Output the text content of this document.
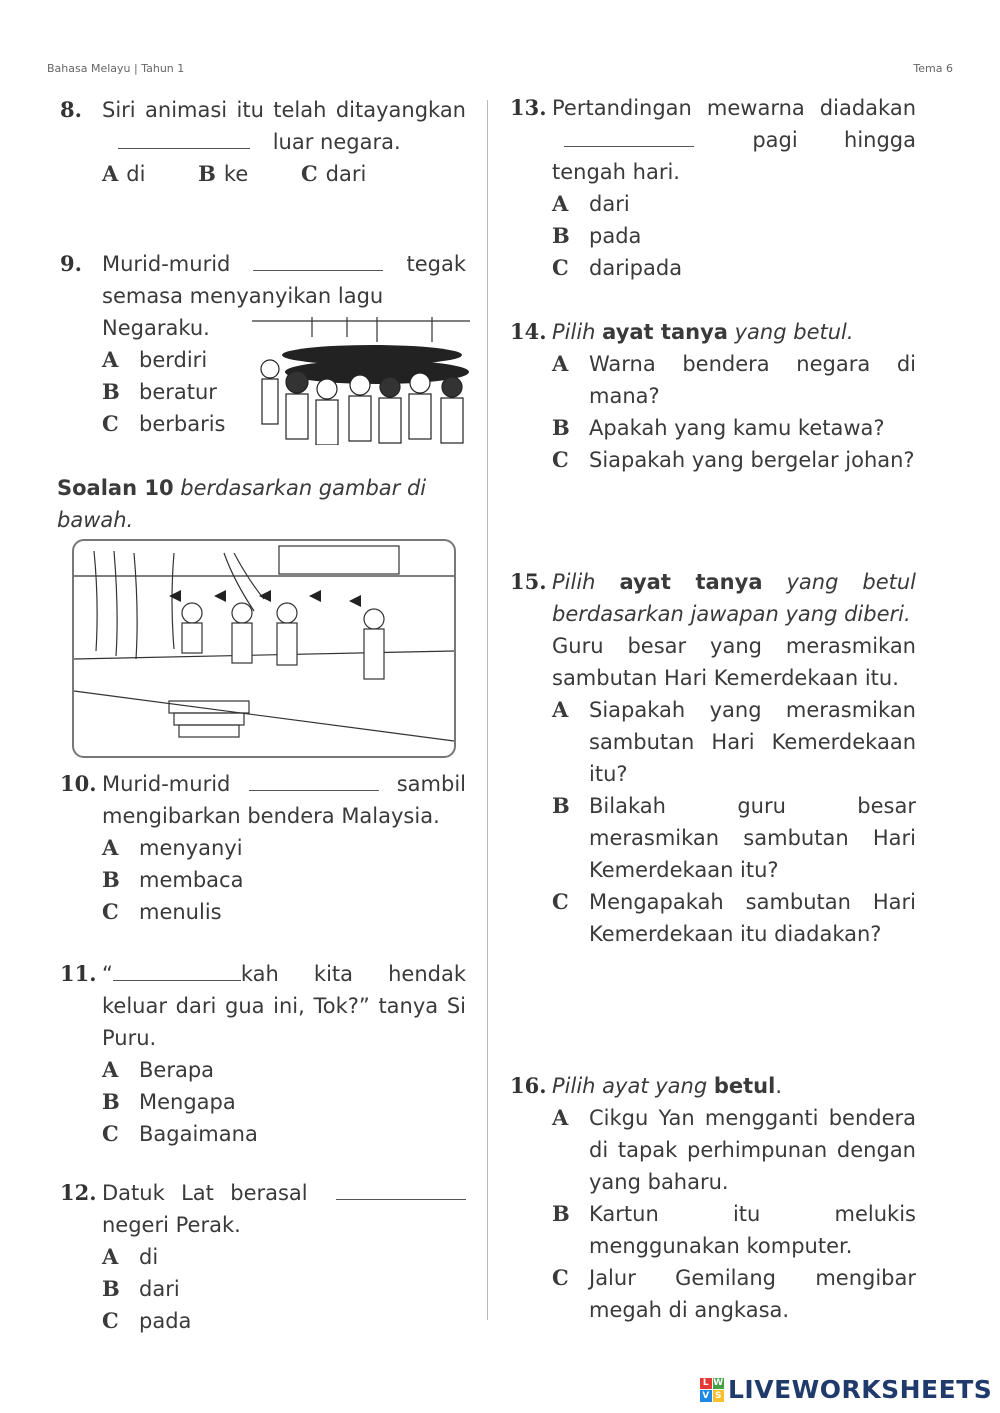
Bahasa Melayu | Tahun 1	Tema 6
8. Siri animasi itu telah ditayangkan  luar negara.
A di	B ke	C dari
9. Murid-murid	tegak semasa menyanyikan lagu
Negaraku.
A berdiri
B beratur
C berbaris
Soalan 10 berdasarkan gambar di bawah.
10. Murid-murid	sambil mengibarkan bendera Malaysia.
A menyanyi
B membaca
C menulis
11. “	kah kita hendak keluar dari gua ini, Tok?” tanya Si Puru.
A Berapa
B Mengapa
C Bagaimana
12. Datuk Lat berasal  negeri Perak.
A di
B dari
C pada
13. Pertandingan mewarna diadakan  pagi hingga tengah hari.
A dari
B pada
C daripada
14. Pilih ayat tanya yang betul.
A Warna bendera negara di mana?
B Apakah yang kamu ketawa?
C Siapakah yang bergelar johan?
15. Pilih ayat tanya yang betul berdasarkan jawapan yang diberi.
Guru besar yang merasmikan sambutan Hari Kemerdekaan itu.
A Siapakah yang merasmikan sambutan Hari Kemerdekaan itu?
B Bilakah guru besar merasmikan sambutan Hari Kemerdekaan itu?
C Mengapakah sambutan Hari Kemerdekaan itu diadakan?
16. Pilih ayat yang betul.
A Cikgu Yan mengganti bendera di tapak perhimpunan dengan yang baharu.
B Kartun itu melukis menggunakan komputer.
C Jalur Gemilang mengibar megah di angkasa.
L W
V S LIVEWORKSHEETS
